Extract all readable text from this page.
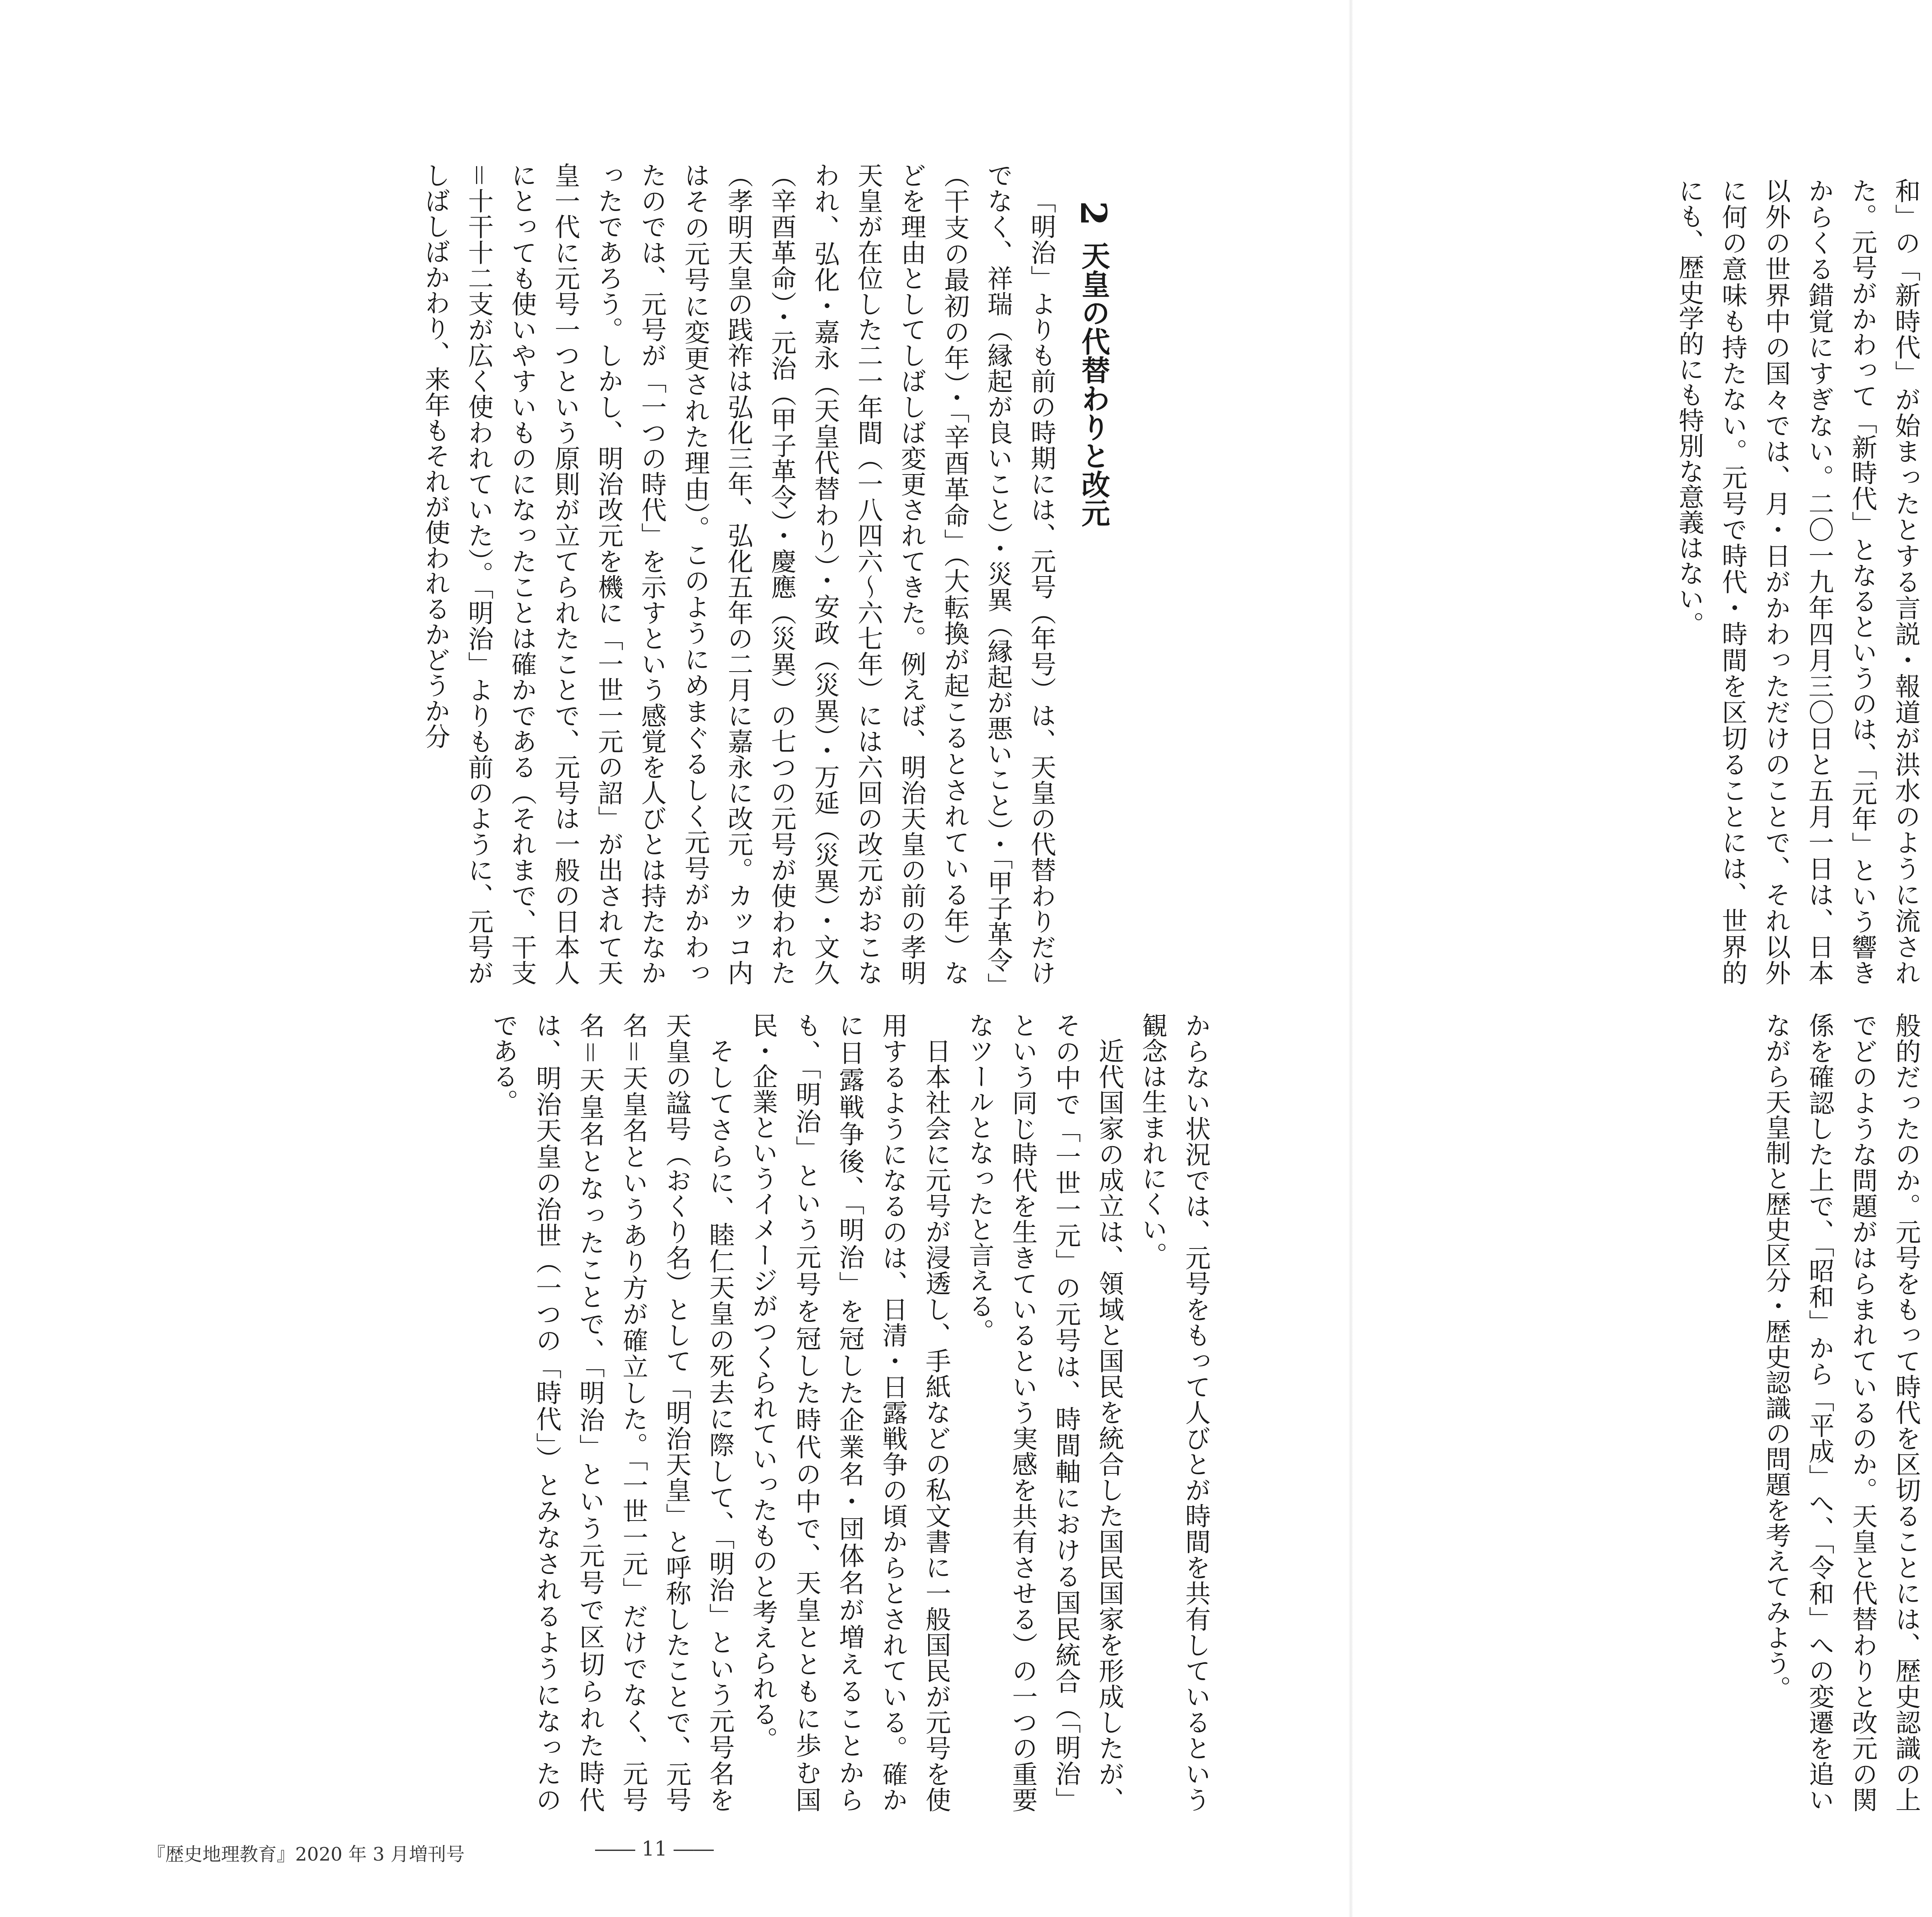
2天皇の代替わりと改元

「明治」よりも前の時期には、元号（年号）は、天皇の代替わりだけでなく、祥瑞（縁起が良いこと）・災異（縁起が悪いこと）・「甲子革令」（干支の最初の年）・「辛酉革命」（大転換が起こるとされている年）などを理由としてしばしば変更されてきた。例えば、明治天皇の前の孝明天皇が在位した二一年間（一八四六～六七年）には六回の改元がおこなわれ、弘化・嘉永（天皇代替わり）・安政（災異）・万延（災異）・文久（辛酉革命）・元治（甲子革令）・慶應（災異）の七つの元号が使われた（孝明天皇の践祚は弘化三年、弘化五年の二月に嘉永に改元。カッコ内はその元号に変更された理由）。このようにめまぐるしく元号がかわったのでは、元号が「一つの時代」を示すという感覚を人びとは持たなかったであろう。しかし、明治改元を機に「一世一元の詔」が出されて天皇一代に元号一つという原則が立てられたことで、元号は一般の日本人にとっても使いやすいものになったことは確かである（それまで、干支＝十干十二支が広く使われていた）。「明治」よりも前のように、元号がしばしばかわり、来年もそれが使われるかどうか分

からない状況では、元号をもって人びとが時間を共有しているという観念は生まれにくい。

近代国家の成立は、領域と国民を統合した国民国家を形成したが、その中で「一世一元」の元号は、時間軸における国民統合（「明治」という同じ時代を生きているという実感を共有させる）の一つの重要なツールとなったと言える。

日本社会に元号が浸透し、手紙などの私文書に一般国民が元号を使用するようになるのは、日清・日露戦争の頃からとされている。確かに日露戦争後、「明治」を冠した企業名・団体名が増えることからも、「明治」という元号を冠した時代の中で、天皇とともに歩む国民・企業というイメージがつくられていったものと考えられる。

そしてさらに、睦仁天皇の死去に際して、「明治」という元号名を天皇の諡号（おくり名）として「明治天皇」と呼称したことで、元号名＝天皇名というあり方が確立した。「一世一元」だけでなく、元号名＝天皇名となったことで、「明治」という元号で区切られた時代は、明治天皇の治世（一つの「時代」）とみなされるようになったのである。

『歴史地理教育』2020 年 3 月増刊号	―― 11 ――

和」の「新時代」が始まったとする言説・報道が洪水のように流された。元号がかわって「新時代」となるというのは、「元年」という響きからくる錯覚にすぎない。二〇一九年四月三〇日と五月一日は、日本以外の世界中の国々では、月・日がかわっただけのことで、それ以外に何の意味も持たない。元号で時代・時間を区切ることには、世界的にも、歴史学的にも特別な意義はない。

般的だったのか。元号をもって時代を区切ることには、歴史認識の上でどのような問題がはらまれているのか。天皇と代替わりと改元の関係を確認した上で、「昭和」から「平成」へ、「令和」への変遷を追いながら天皇制と歴史区分・歴史認識の問題を考えてみよう。
